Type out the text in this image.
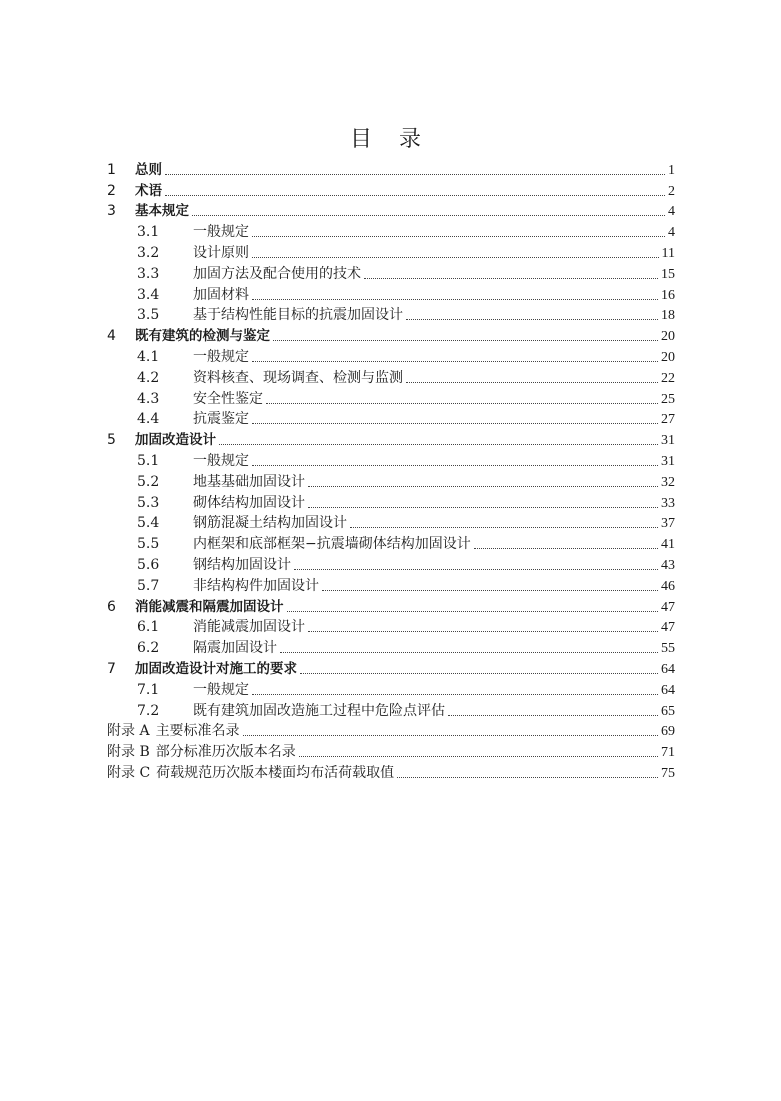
目 录
1	总则	1
2	术语	2
3	基本规定	4
3.1	一般规定	4
3.2	设计原则	11
3.3	加固方法及配合使用的技术	15
3.4	加固材料	16
3.5	基于结构性能目标的抗震加固设计	18
4	既有建筑的检测与鉴定	20
4.1	一般规定	20
4.2	资料核查、现场调查、检测与监测	22
4.3	安全性鉴定	25
4.4	抗震鉴定	27
5	加固改造设计	31
5.1	一般规定	31
5.2	地基基础加固设计	32
5.3	砌体结构加固设计	33
5.4	钢筋混凝土结构加固设计	37
5.5	内框架和底部框架−抗震墙砌体结构加固设计	41
5.6	钢结构加固设计	43
5.7	非结构构件加固设计	46
6	消能减震和隔震加固设计	47
6.1	消能减震加固设计	47
6.2	隔震加固设计	55
7	加固改造设计对施工的要求	64
7.1	一般规定	64
7.2	既有建筑加固改造施工过程中危险点评估	65
附录 A 主要标准名录	69
附录 B 部分标准历次版本名录	71
附录 C 荷载规范历次版本楼面均布活荷载取值	75
